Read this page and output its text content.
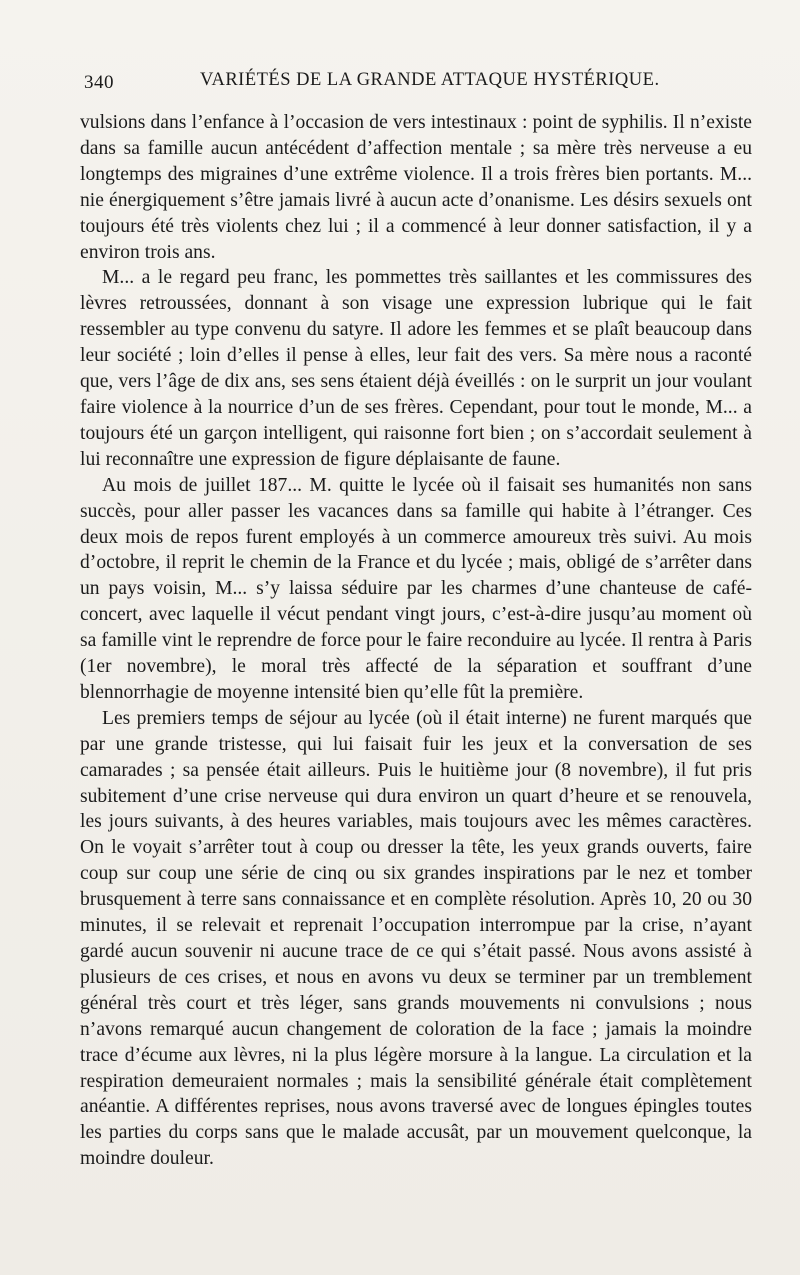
340	VARIÉTÉS DE LA GRANDE ATTAQUE HYSTÉRIQUE.

vulsions dans l’enfance à l’occasion de vers intestinaux : point de syphilis. Il n’existe dans sa famille aucun antécédent d’affection mentale ; sa mère très nerveuse a eu longtemps des migraines d’une extrême violence. Il a trois frères bien portants. M... nie énergiquement s’être jamais livré à aucun acte d’onanisme. Les désirs sexuels ont toujours été très violents chez lui ; il a commencé à leur donner satisfaction, il y a environ trois ans.

M... a le regard peu franc, les pommettes très saillantes et les commissures des lèvres retroussées, donnant à son visage une expression lubrique qui le fait ressembler au type convenu du satyre. Il adore les femmes et se plaît beaucoup dans leur société ; loin d’elles il pense à elles, leur fait des vers. Sa mère nous a raconté que, vers l’âge de dix ans, ses sens étaient déjà éveillés : on le surprit un jour voulant faire violence à la nourrice d’un de ses frères. Cependant, pour tout le monde, M... a toujours été un garçon intelligent, qui raisonne fort bien ; on s’accordait seulement à lui reconnaître une expression de figure déplaisante de faune.

Au mois de juillet 187... M. quitte le lycée où il faisait ses humanités non sans succès, pour aller passer les vacances dans sa famille qui habite à l’étranger. Ces deux mois de repos furent employés à un commerce amoureux très suivi. Au mois d’octobre, il reprit le chemin de la France et du lycée ; mais, obligé de s’arrêter dans un pays voisin, M... s’y laissa séduire par les charmes d’une chanteuse de café-concert, avec laquelle il vécut pendant vingt jours, c’est-à-dire jusqu’au moment où sa famille vint le reprendre de force pour le faire reconduire au lycée. Il rentra à Paris (1er novembre), le moral très affecté de la séparation et souffrant d’une blennorrhagie de moyenne intensité bien qu’elle fût la première.

Les premiers temps de séjour au lycée (où il était interne) ne furent marqués que par une grande tristesse, qui lui faisait fuir les jeux et la conversation de ses camarades ; sa pensée était ailleurs. Puis le huitième jour (8 novembre), il fut pris subitement d’une crise nerveuse qui dura environ un quart d’heure et se renouvela, les jours suivants, à des heures variables, mais toujours avec les mêmes caractères. On le voyait s’arrêter tout à coup ou dresser la tête, les yeux grands ouverts, faire coup sur coup une série de cinq ou six grandes inspirations par le nez et tomber brusquement à terre sans connaissance et en complète résolution. Après 10, 20 ou 30 minutes, il se relevait et reprenait l’occupation interrompue par la crise, n’ayant gardé aucun souvenir ni aucune trace de ce qui s’était passé. Nous avons assisté à plusieurs de ces crises, et nous en avons vu deux se terminer par un tremblement général très court et très léger, sans grands mouvements ni convulsions ; nous n’avons remarqué aucun changement de coloration de la face ; jamais la moindre trace d’écume aux lèvres, ni la plus légère morsure à la langue. La circulation et la respiration demeuraient normales ; mais la sensibilité générale était complètement anéantie. A différentes reprises, nous avons traversé avec de longues épingles toutes les parties du corps sans que le malade accusât, par un mouvement quelconque, la moindre douleur.
